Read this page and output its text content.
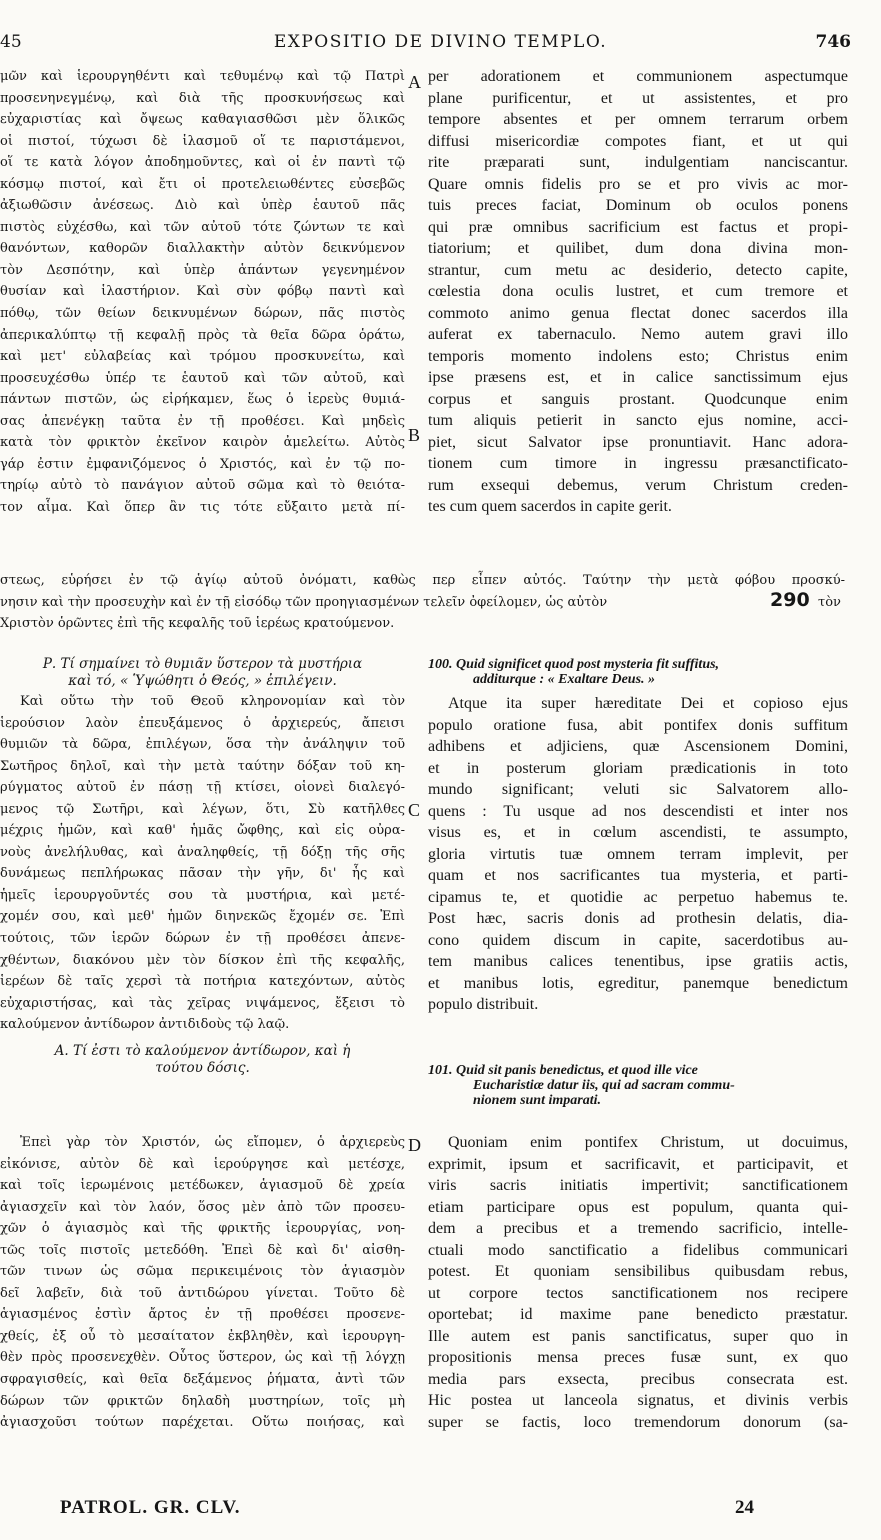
45	EXPOSITIO DE DIVINO TEMPLO.	746
A
B
C
D
μῶν καὶ ἱερουργηθέντι καὶ τεθυμένῳ καὶ τῷ Πατρὶ
προσενηνεγμένῳ, καὶ διὰ τῆς προσκυνήσεως καὶ
εὐχαριστίας καὶ ὄψεως καθαγιασθῶσι μὲν ὅλικῶς
οἱ πιστοί, τύχωσι δὲ ἱλασμοῦ οἵ τε παριστάμενοι,
οἵ τε κατὰ λόγον ἀποδημοῦντες, καὶ οἱ ἐν παντὶ τῷ
κόσμῳ πιστοί, καὶ ἔτι οἱ προτελειωθέντες εὐσεβῶς
ἀξιωθῶσιν ἀνέσεως. Διὸ καὶ ὑπὲρ ἑαυτοῦ πᾶς
πιστὸς εὐχέσθω, καὶ τῶν αὐτοῦ τότε ζώντων τε καὶ
θανόντων, καθορῶν διαλλακτὴν αὐτὸν δεικνύμενον
τὸν Δεσπότην, καὶ ὑπὲρ ἁπάντων γεγενημένον
θυσίαν καὶ ἱλαστήριον. Καὶ σὺν φόβῳ παντὶ καὶ
πόθῳ, τῶν θείων δεικνυμένων δώρων, πᾶς πιστὸς
ἀπερικαλύπτῳ τῇ κεφαλῇ πρὸς τὰ θεῖα δῶρα ὁράτω,
καὶ μετ' εὐλαβείας καὶ τρόμου προσκυνείτω, καὶ
προσευχέσθω ὑπέρ τε ἑαυτοῦ καὶ τῶν αὐτοῦ, καὶ
πάντων πιστῶν, ὡς εἰρήκαμεν, ἕως ὁ ἱερεὺς θυμιά-
σας ἀπενέγκῃ ταῦτα ἐν τῇ προθέσει. Καὶ μηδεὶς
κατὰ τὸν φρικτὸν ἐκεῖνον καιρὸν ἀμελείτω. Αὐτὸς
γάρ ἐστιν ἐμφανιζόμενος ὁ Χριστός, καὶ ἐν τῷ πο-
τηρίῳ αὐτὸ τὸ πανάγιον αὐτοῦ σῶμα καὶ τὸ θειότα-
τον αἷμα. Καὶ ὅπερ ἂν τις τότε εὔξαιτο μετὰ πί-
per adorationem et communionem aspectumque
plane purificentur, et ut assistentes, et pro
tempore absentes et per omnem terrarum orbem
diffusi misericordiæ compotes fiant, et ut qui
rite præparati sunt, indulgentiam nanciscantur.
Quare omnis fidelis pro se et pro vivis ac mor-
tuis preces faciat, Dominum ob oculos ponens
qui præ omnibus sacrificium est factus et propi-
tiatorium; et quilibet, dum dona divina mon-
strantur, cum metu ac desiderio, detecto capite,
cœlestia dona oculis lustret, et cum tremore et
commoto animo genua flectat donec sacerdos illa
auferat ex tabernaculo. Nemo autem gravi illo
temporis momento indolens esto; Christus enim
ipse præsens est, et in calice sanctissimum ejus
corpus et sanguis prostant. Quodcunque enim
tum aliquis petierit in sancto ejus nomine, acci-
piet, sicut Salvator ipse pronuntiavit. Hanc adora-
tionem cum timore in ingressu præsanctificato-
rum exsequi debemus, verum Christum creden-
tes cum quem sacerdos in capite gerit.
στεως, εὑρήσει ἐν τῷ ἁγίῳ αὐτοῦ ὀνόματι, καθὼς περ εἶπεν αὐτός. Ταύτην τὴν μετὰ φόβου προσκύ-
νησιν καὶ τὴν προσευχὴν καὶ ἐν τῇ εἰσόδῳ τῶν προηγιασμένων τελεῖν ὀφείλομεν, ὡς αὐτὸν	290 τὸν
Χριστὸν ὁρῶντες ἐπὶ τῆς κεφαλῆς τοῦ ἱερέως κρατούμενον.
Ρ. Τί σημαίνει τὸ θυμιᾶν ὕστερον τὰ μυστήρια
καὶ τό, « Ὑψώθητι ὁ Θεός, » ἐπιλέγειν.
100. Quid significet quod post mysteria fit suffitus,
additurque : « Exaltare Deus. »
Καὶ οὕτω τὴν τοῦ Θεοῦ κληρονομίαν καὶ τὸν
ἱερούσιον λαὸν ἐπευξάμενος ὁ ἀρχιερεύς, ἄπεισι
θυμιῶν τὰ δῶρα, ἐπιλέγων, ὅσα τὴν ἀνάληψιν τοῦ
Σωτῆρος δηλοῖ, καὶ τὴν μετὰ ταύτην δόξαν τοῦ κη-
ρύγματος αὐτοῦ ἐν πάσῃ τῇ κτίσει, οἱονεὶ διαλεγό-
μενος τῷ Σωτῆρι, καὶ λέγων, ὅτι, Σὺ κατῆλθες
μέχρις ἡμῶν, καὶ καθ' ἡμᾶς ὤφθης, καὶ εἰς οὐρα-
νοὺς ἀνελήλυθας, καὶ ἀναληφθείς, τῇ δόξῃ τῆς σῆς
δυνάμεως πεπλήρωκας πᾶσαν τὴν γῆν, δι' ἧς καὶ
ἡμεῖς ἱερουργοῦντές σου τὰ μυστήρια, καὶ μετέ-
χομέν σου, καὶ μεθ' ἡμῶν διηνεκῶς ἔχομέν σε. Ἐπὶ
τούτοις, τῶν ἱερῶν δώρων ἐν τῇ προθέσει ἀπενε-
χθέντων, διακόνου μὲν τὸν δίσκον ἐπὶ τῆς κεφαλῆς,
ἱερέων δὲ ταῖς χερσὶ τὰ ποτήρια κατεχόντων, αὐτὸς
εὐχαριστήσας, καὶ τὰς χεῖρας νιψάμενος, ἔξεισι τὸ
καλούμενον ἀντίδωρον ἀντιδιδοὺς τῷ λαῷ.
Atque ita super hæreditate Dei et copioso ejus
populo oratione fusa, abit pontifex donis suffitum
adhibens et adjiciens, quæ Ascensionem Domini,
et in posterum gloriam prædicationis in toto
mundo significant; veluti sic Salvatorem allo-
quens : Tu usque ad nos descendisti et inter nos
visus es, et in cœlum ascendisti, te assumpto,
gloria virtutis tuæ omnem terram implevit, per
quam et nos sacrificantes tua mysteria, et parti-
cipamus te, et quotidie ac perpetuo habemus te.
Post hæc, sacris donis ad prothesin delatis, dia-
cono quidem discum in capite, sacerdotibus au-
tem manibus calices tenentibus, ipse gratiis actis,
et manibus lotis, egreditur, panemque benedictum
populo distribuit.
Α. Τί ἐστι τὸ καλούμενον ἀντίδωρον, καὶ ἡ
τούτου δόσις.	101. Quid sit panis benedictus, et quod ille vice
Eucharistiæ datur iis, qui ad sacram commu-
nionem sunt imparati.
Ἐπεὶ γὰρ τὸν Χριστόν, ὡς εἴπομεν, ὁ ἀρχιερεὺς
εἰκόνισε, αὐτὸν δὲ καὶ ἱερούργησε καὶ μετέσχε,
καὶ τοῖς ἱερωμένοις μετέδωκεν, ἁγιασμοῦ δὲ χρεία
ἀγιασχεῖν καὶ τὸν λαόν, ὅσος μὲν ἀπὸ τῶν προσευ-
χῶν ὁ ἁγιασμὸς καὶ τῆς φρικτῆς ἱερουργίας, νοη-
τῶς τοῖς πιστοῖς μετεδόθη. Ἐπεὶ δὲ καὶ δι' αἰσθη-
τῶν τινων ὡς σῶμα περικειμένοις τὸν ἁγιασμὸν
δεῖ λαβεῖν, διὰ τοῦ ἀντιδώρου γίνεται. Τοῦτο δὲ
ἁγιασμένος ἐστὶν ἄρτος ἐν τῇ προθέσει προσενε-
χθείς, ἐξ οὗ τὸ μεσαίτατον ἐκβληθὲν, καὶ ἱερουργη-
θὲν πρὸς προσενεχθὲν. Οὗτος ὕστερον, ὡς καὶ τῇ λόγχῃ
σφραγισθείς, καὶ θεῖα δεξάμενος ῥήματα, ἀντὶ τῶν
δώρων τῶν φρικτῶν δηλαδὴ μυστηρίων, τοῖς μὴ
ἀγιασχοῦσι τούτων παρέχεται. Οὕτω ποιήσας, καὶ
Quoniam enim pontifex Christum, ut docuimus,
exprimit, ipsum et sacrificavit, et participavit, et
viris sacris initiatis impertivit; sanctificationem
etiam participare opus est populum, quanta qui-
dem a precibus et a tremendo sacrificio, intelle-
ctuali modo sanctificatio a fidelibus communicari
potest. Et quoniam sensibilibus quibusdam rebus,
ut corpore tectos sanctificationem nos recipere
oportebat; id maxime pane benedicto præstatur.
Ille autem est panis sanctificatus, super quo in
propositionis mensa preces fusæ sunt, ex quo
media pars exsecta, precibus consecrata est.
Hic postea ut lanceola signatus, et divinis verbis
super se factis, loco tremendorum donorum (sa-
PATROL. GR. CLV.	24
